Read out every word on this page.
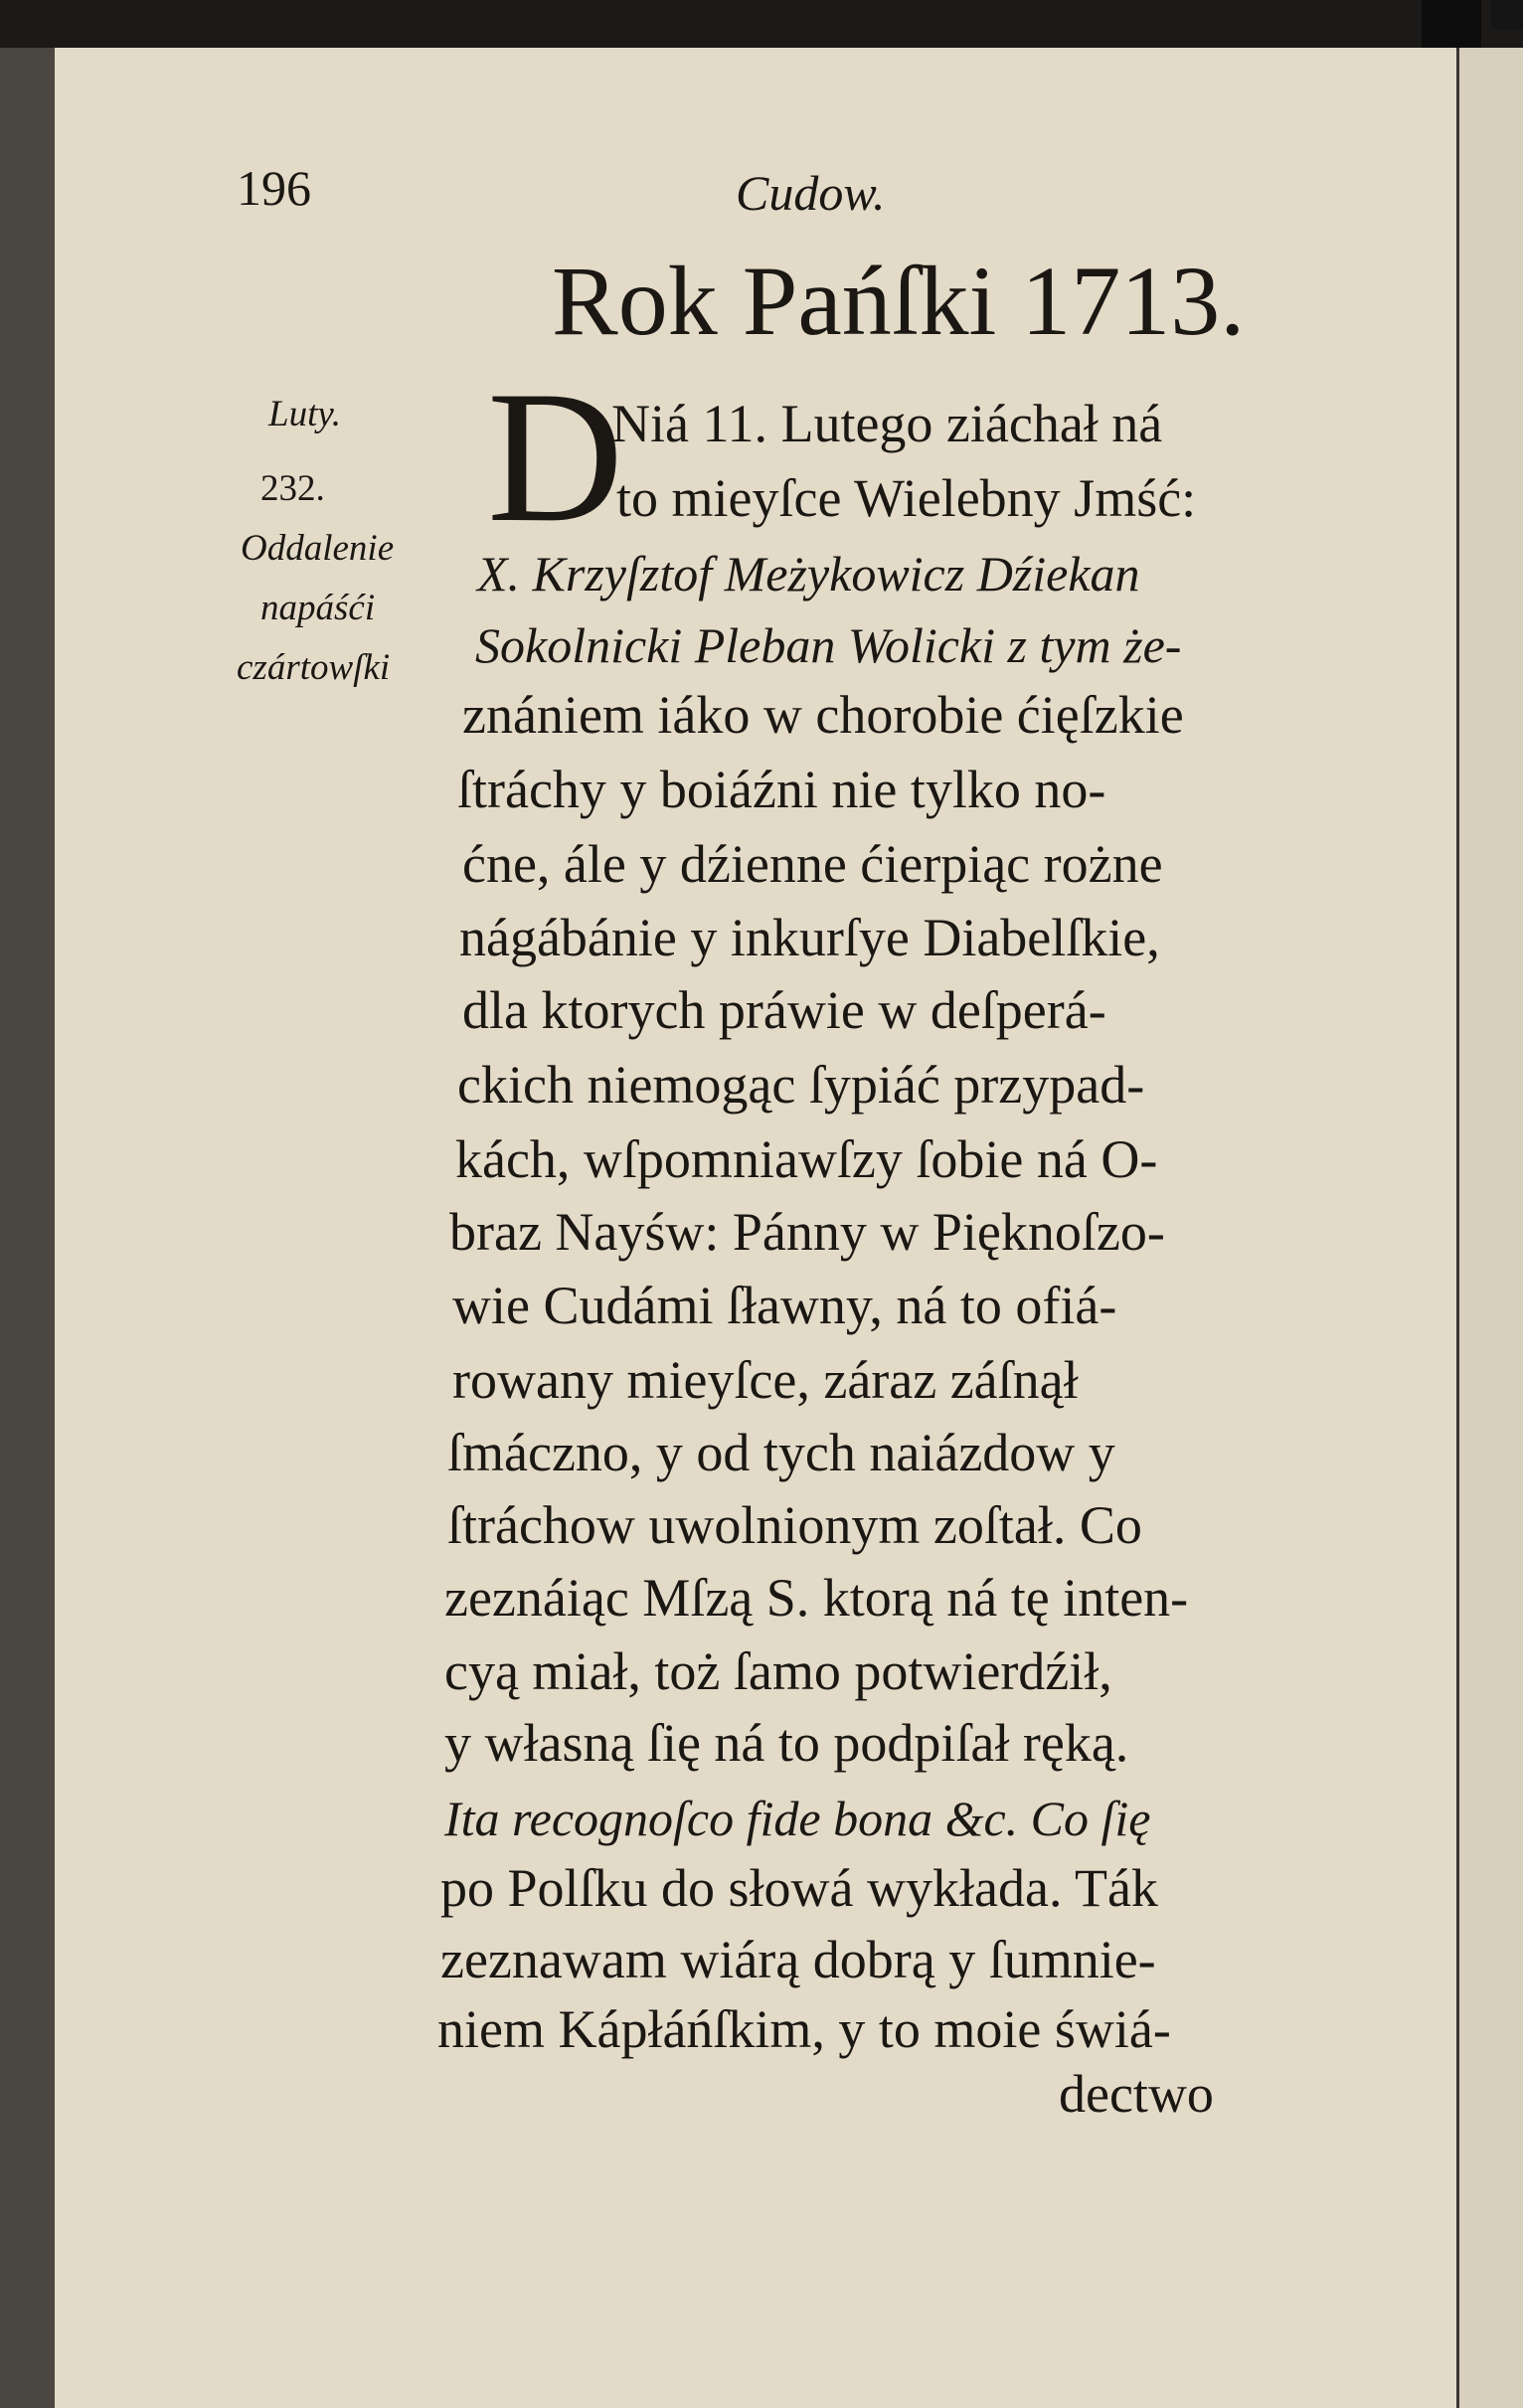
196	Cudow.
Rok Pańſki 1713.
Luty.
232.
Oddalenie
napáśći
czártowſki
D
Niá 11. Lutego ziáchał ná
to mieyſce Wielebny Jmść:
X. Krzyſztof Meżykowicz Dźiekan
Sokolnicki Pleban Wolicki z tym że-
znániem iáko w chorobie ćięſzkie
ſtráchy y boiáźni nie tylko no-
ćne, ále y dźienne ćierpiąc rożne
nágábánie y inkurſye Diabelſkie,
dla ktorych práwie w deſperá-
ckich niemogąc ſypiáć przypad-
kách, wſpomniawſzy ſobie ná O-
braz Nayśw: Pánny w Pięknoſzo-
wie Cudámi ſławny, ná to ofiá-
rowany mieyſce, záraz záſnął
ſmáczno, y od tych naiázdow y
ſtráchow uwolnionym zoſtał. Co
zeznáiąc Mſzą S. ktorą ná tę inten-
cyą miał, toż ſamo potwierdźił,
y własną ſię ná to podpiſał ręką.
Ita recognoſco fide bona &c. Co ſię
po Polſku do słowá wykłada. Ták
zeznawam wiárą dobrą y ſumnie-
niem Kápłáńſkim, y to moie świá-
dectwo
